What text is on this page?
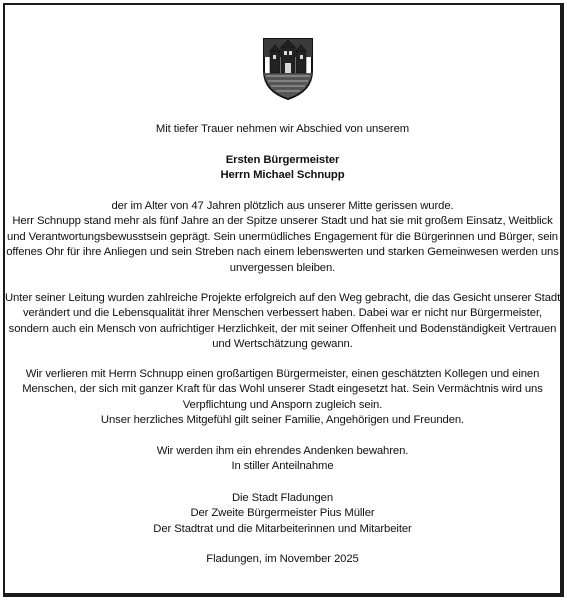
Mit tiefer Trauer nehmen wir Abschied von unserem
Ersten Bürgermeister
Herrn Michael Schnupp
der im Alter von 47 Jahren plötzlich aus unserer Mitte gerissen wurde.
Herr Schnupp stand mehr als fünf Jahre an der Spitze unserer Stadt und hat sie mit großem Einsatz, Weitblick
und Verantwortungsbewusstsein geprägt. Sein unermüdliches Engagement für die Bürgerinnen und Bürger, sein
offenes Ohr für ihre Anliegen und sein Streben nach einem lebenswerten und starken Gemeinwesen werden uns
unvergessen bleiben.
Unter seiner Leitung wurden zahlreiche Projekte erfolgreich auf den Weg gebracht, die das Gesicht unserer Stadt
verändert und die Lebensqualität ihrer Menschen verbessert haben. Dabei war er nicht nur Bürgermeister,
sondern auch ein Mensch von aufrichtiger Herzlichkeit, der mit seiner Offenheit und Bodenständigkeit Vertrauen
und Wertschätzung gewann.
Wir verlieren mit Herrn Schnupp einen großartigen Bürgermeister, einen geschätzten Kollegen und einen
Menschen, der sich mit ganzer Kraft für das Wohl unserer Stadt eingesetzt hat. Sein Vermächtnis wird uns
Verpflichtung und Ansporn zugleich sein.
Unser herzliches Mitgefühl gilt seiner Familie, Angehörigen und Freunden.
Wir werden ihm ein ehrendes Andenken bewahren.
In stiller Anteilnahme
Die Stadt Fladungen
Der Zweite Bürgermeister Pius Müller
Der Stadtrat und die Mitarbeiterinnen und Mitarbeiter
Fladungen, im November 2025
